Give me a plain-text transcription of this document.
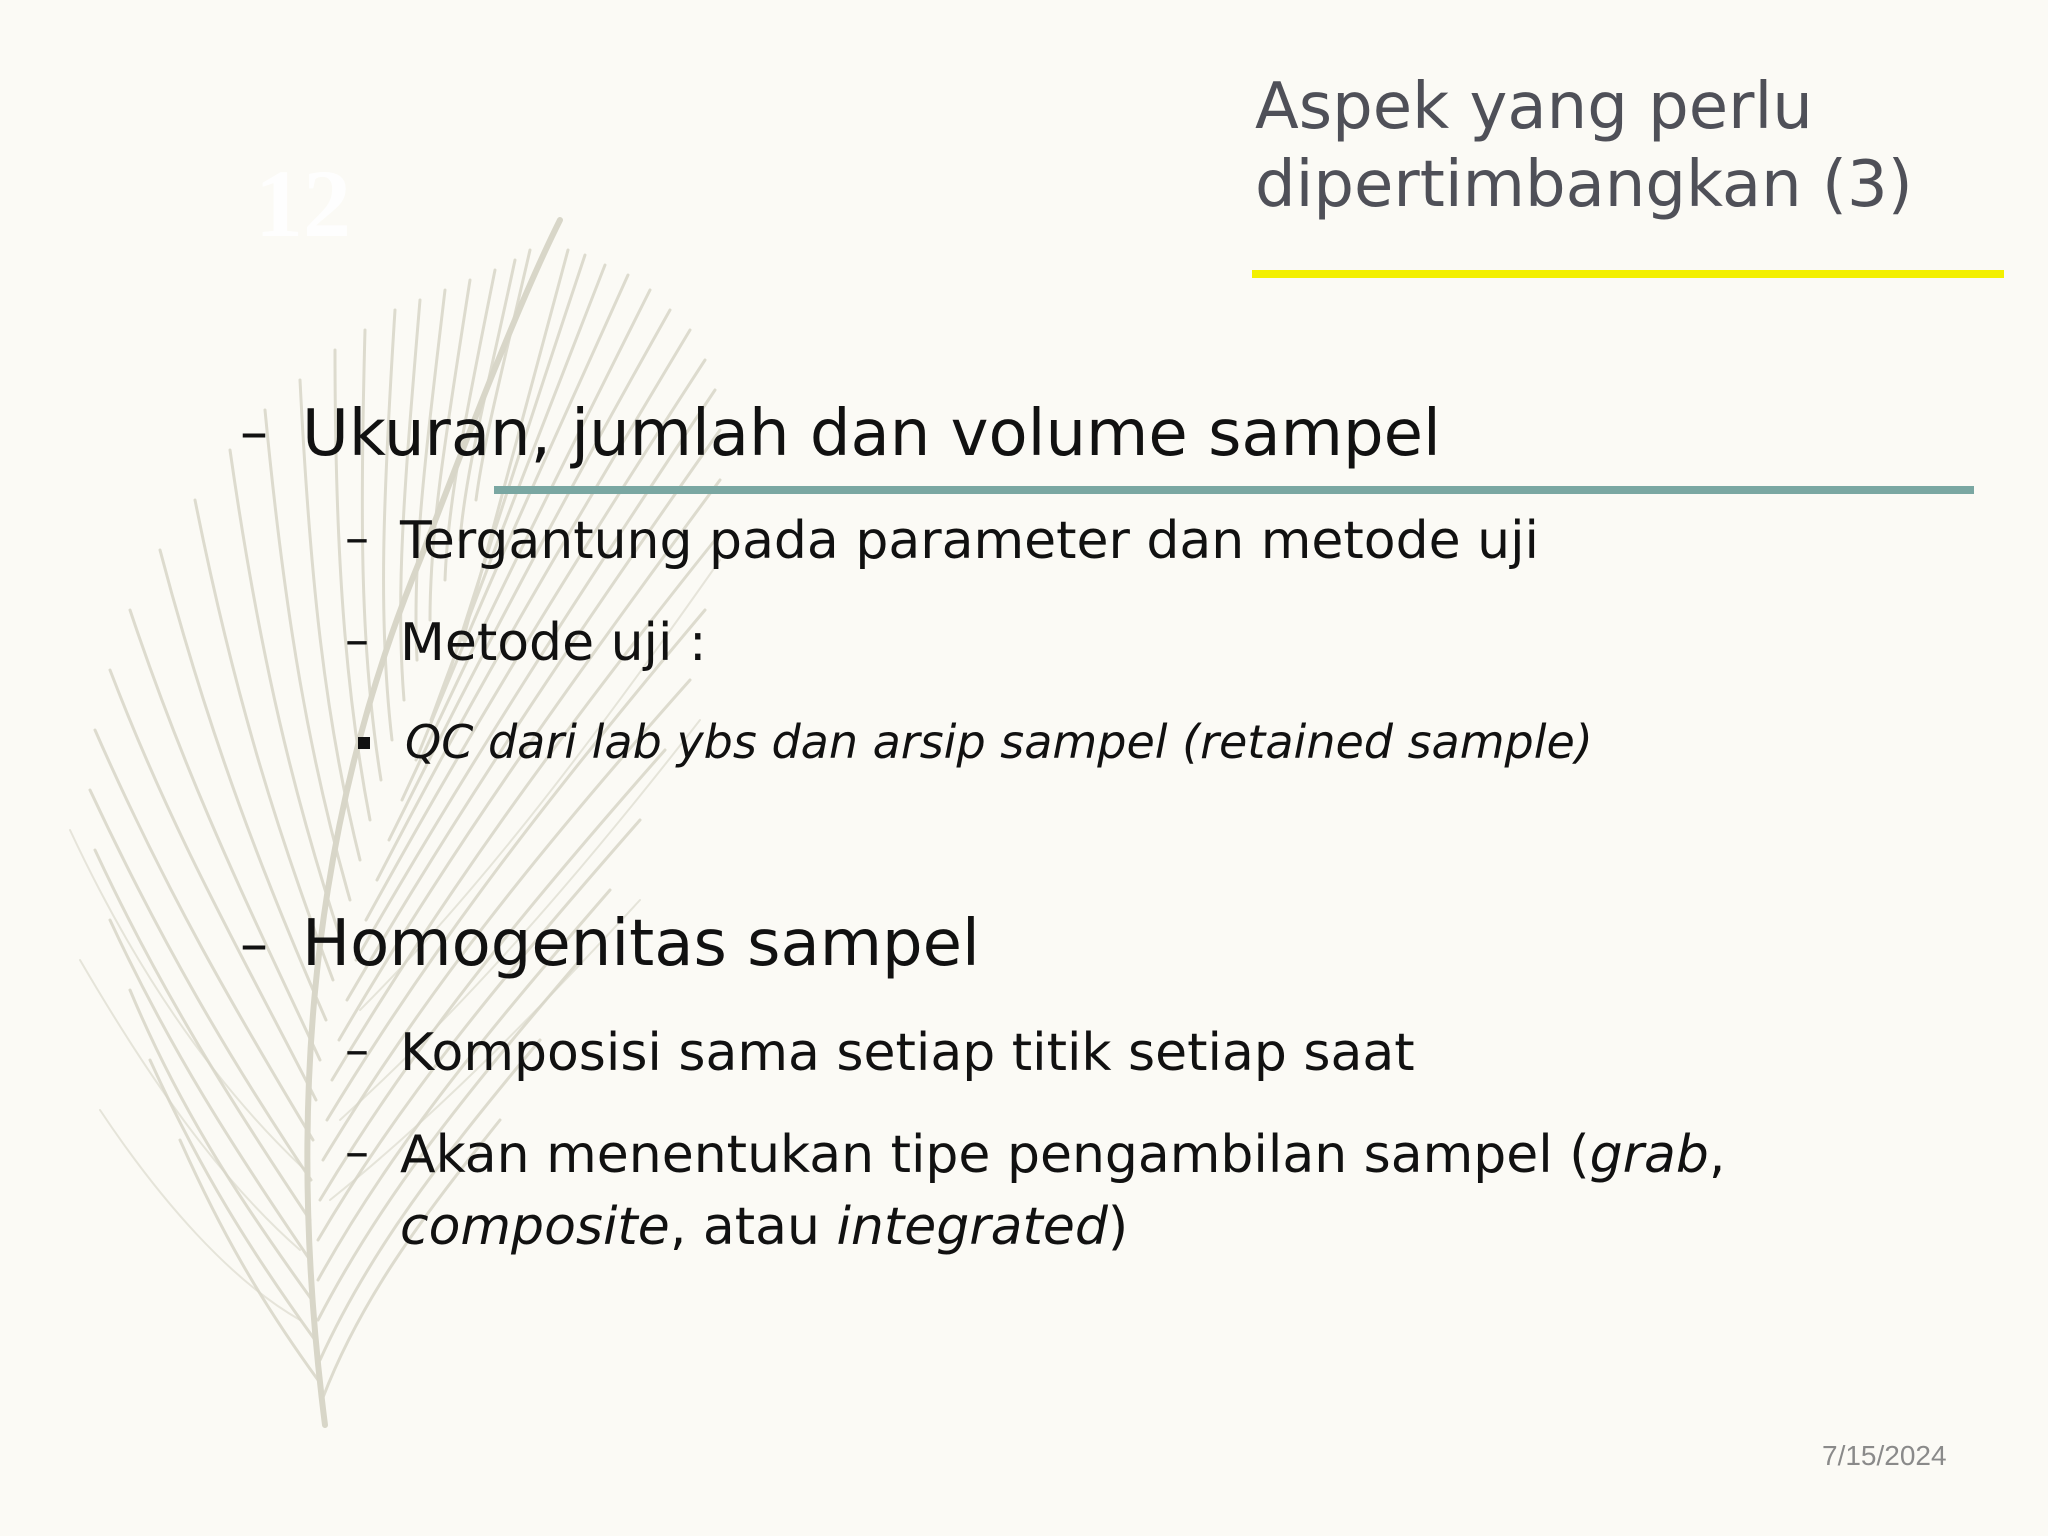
12
Aspek yang perlu
dipertimbangkan (3)
– Ukuran, jumlah dan volume sampel
– Tergantung pada parameter dan metode uji
– Metode uji :
QC dari lab ybs dan arsip sampel (retained sample)
– Homogenitas sampel
– Komposisi sama setiap titik setiap saat
– Akan menentukan tipe pengambilan sampel (grab,
composite, atau integrated)
7/15/2024
